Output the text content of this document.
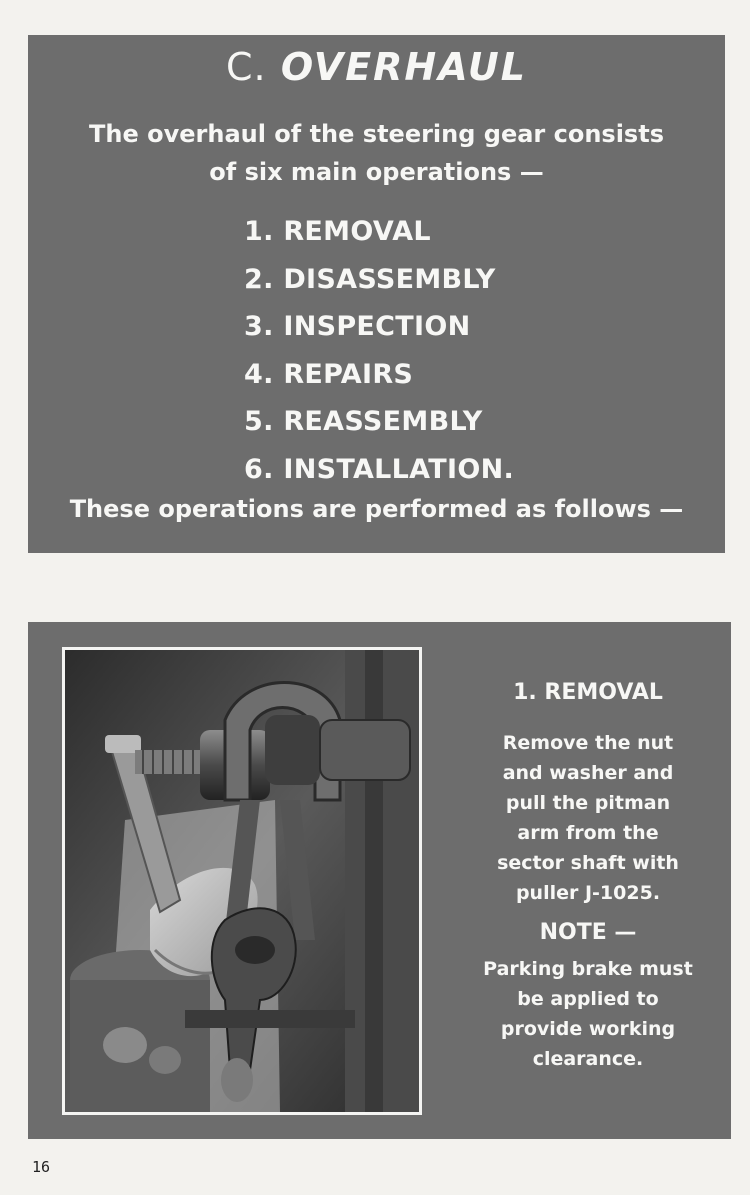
C. OVERHAUL
The overhaul of the steering gear consists
of six main operations —
1. REMOVAL
2. DISASSEMBLY
3. INSPECTION
4. REPAIRS
5. REASSEMBLY
6. INSTALLATION.
These operations are performed as follows —
1. REMOVAL
Remove the nut
and washer and
pull the pitman
arm from the
sector shaft with
puller J-1025.
NOTE —
Parking brake must
be applied to
provide working
clearance.
16
